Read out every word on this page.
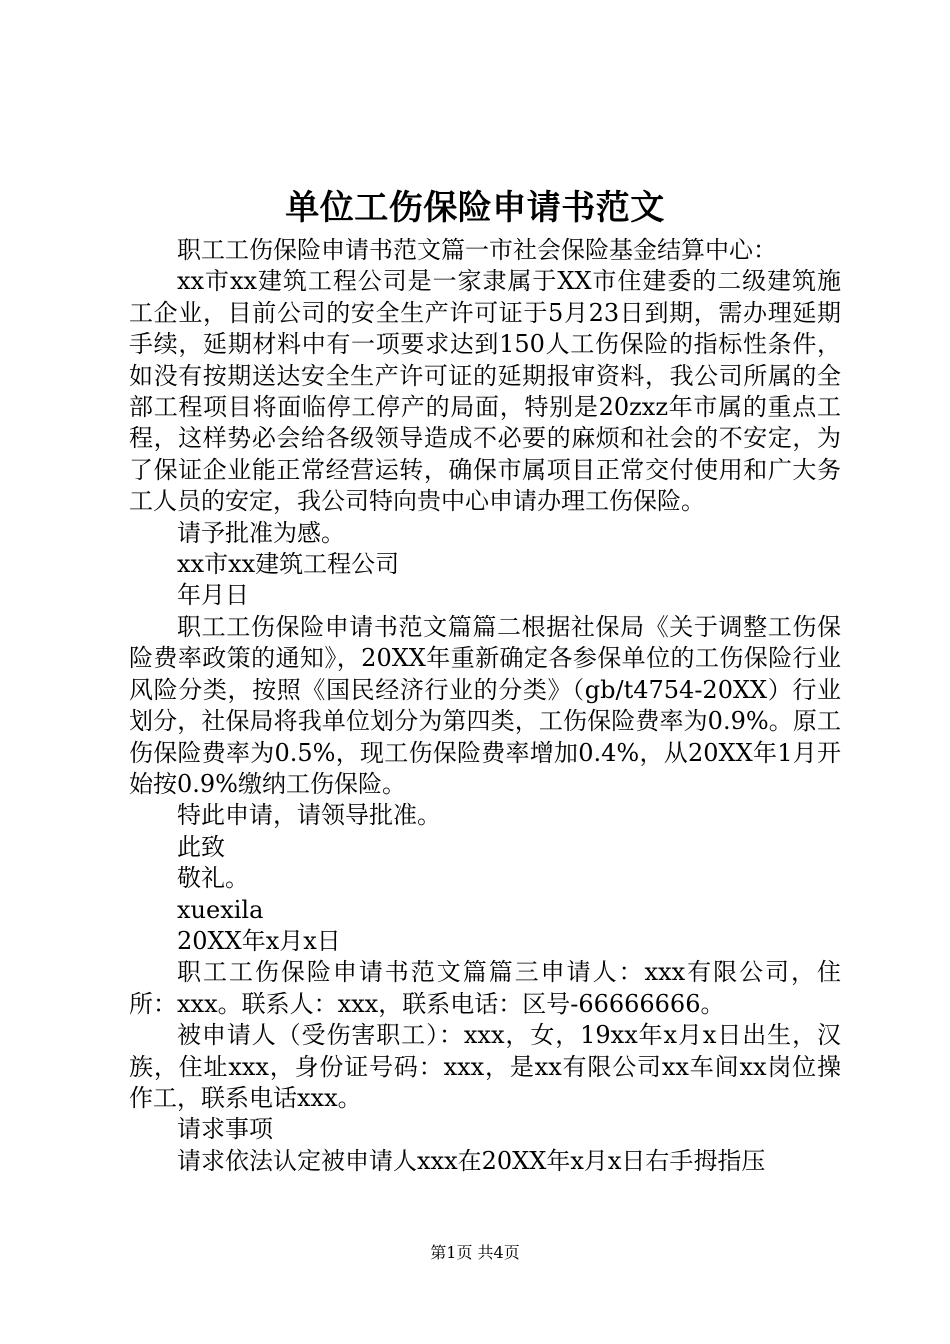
单位工伤保险申请书范文

职工工伤保险申请书范文篇一市社会保险基金结算中心：

xx市xx建筑工程公司是一家隶属于XX市住建委的二级建筑施工企业，目前公司的安全生产许可证于5月23日到期，需办理延期手续，延期材料中有一项要求达到150人工伤保险的指标性条件，如没有按期送达安全生产许可证的延期报审资料，我公司所属的全部工程项目将面临停工停产的局面，特别是20zxz年市属的重点工程，这样势必会给各级领导造成不必要的麻烦和社会的不安定，为了保证企业能正常经营运转，确保市属项目正常交付使用和广大务工人员的安定，我公司特向贵中心申请办理工伤保险。

请予批准为感。

xx市xx建筑工程公司

年月日

职工工伤保险申请书范文篇篇二根据社保局《关于调整工伤保险费率政策的通知》，20XX年重新确定各参保单位的工伤保险行业风险分类，按照《国民经济行业的分类》（gb/t4754-20XX）行业划分，社保局将我单位划分为第四类，工伤保险费率为0.9%。原工伤保险费率为0.5%，现工伤保险费率增加0.4%，从20XX年1月开始按0.9%缴纳工伤保险。

特此申请，请领导批准。

此致

敬礼。

xuexila

20XX年x月x日

职工工伤保险申请书范文篇篇三申请人：xxx有限公司，住所：xxx。联系人：xxx，联系电话：区号-66666666。

被申请人（受伤害职工）：xxx，女，19xx年x月x日出生，汉族，住址xxx，身份证号码：xxx，是xx有限公司xx车间xx岗位操作工，联系电话xxx。

请求事项

请求依法认定被申请人xxx在20XX年x月x日右手拇指压

第1页 共4页
